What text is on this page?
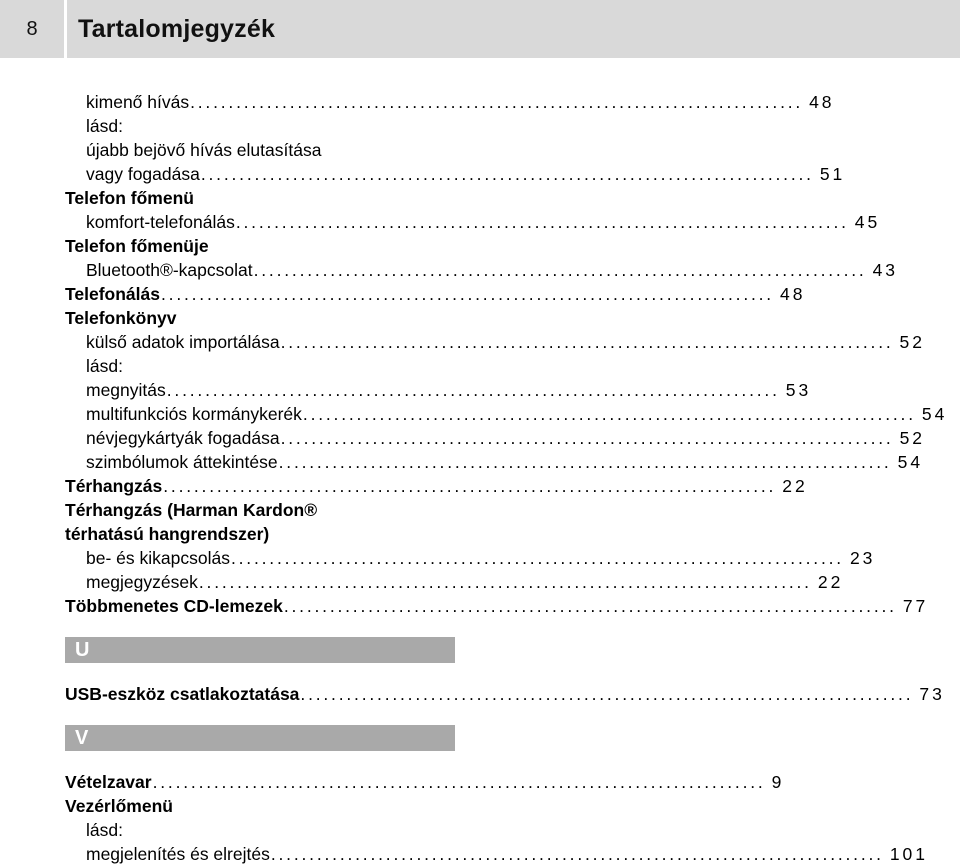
8	Tartalomjegyzék
kimenő hívás ................................................................................ 48
lásd:
újabb bejövő hívás elutasítása
vagy fogadása ................................................................................ 51
Telefon főmenü
komfort-telefonálás ................................................................................ 45
Telefon főmenüje
Bluetooth®-kapcsolat ................................................................................ 43
Telefonálás ................................................................................ 48
Telefonkönyv
külső adatok importálása ................................................................................ 52
lásd:
megnyitás ................................................................................ 53
multifunkciós kormánykerék ................................................................................ 54
névjegykártyák fogadása ................................................................................ 52
szimbólumok áttekintése ................................................................................ 54
Térhangzás ................................................................................ 22
Térhangzás (Harman Kardon®
térhatású hangrendszer)
be- és kikapcsolás ................................................................................ 23
megjegyzések ................................................................................ 22
Többmenetes CD-lemezek ................................................................................ 77
U
USB-eszköz csatlakoztatása ................................................................................ 73
V
Vételzavar ................................................................................ 9
Vezérlőmenü
lásd:
megjelenítés és elrejtés ................................................................................ 101
